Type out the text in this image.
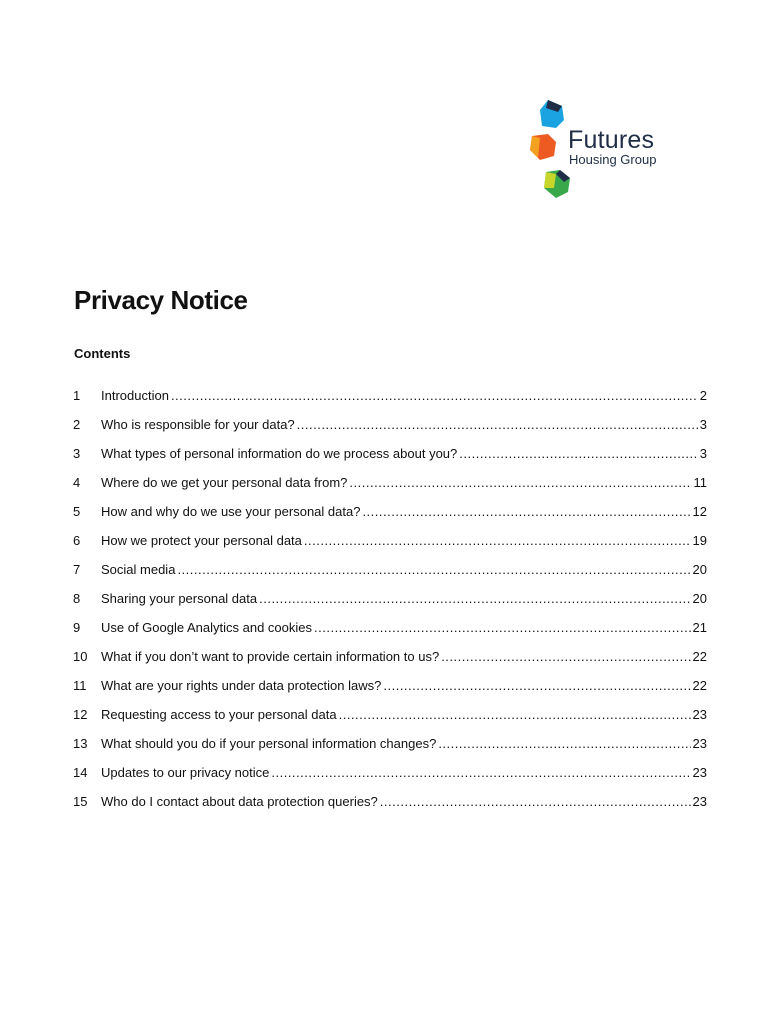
Futures
Housing Group
Privacy Notice
Contents
1	Introduction .....	2
2	Who is responsible for your data? .....	3
3	What types of personal information do we process about you? .....	3
4	Where do we get your personal data from? .....	11
5	How and why do we use your personal data? .....	12
6	How we protect your personal data .....	19
7	Social media .....	20
8	Sharing your personal data .....	20
9	Use of Google Analytics and cookies .....	21
10	What if you don’t want to provide certain information to us? .....	22
11	What are your rights under data protection laws? .....	22
12	Requesting access to your personal data .....	23
13	What should you do if your personal information changes? .....	23
14	Updates to our privacy notice .....	23
15	Who do I contact about data protection queries? .....	23
